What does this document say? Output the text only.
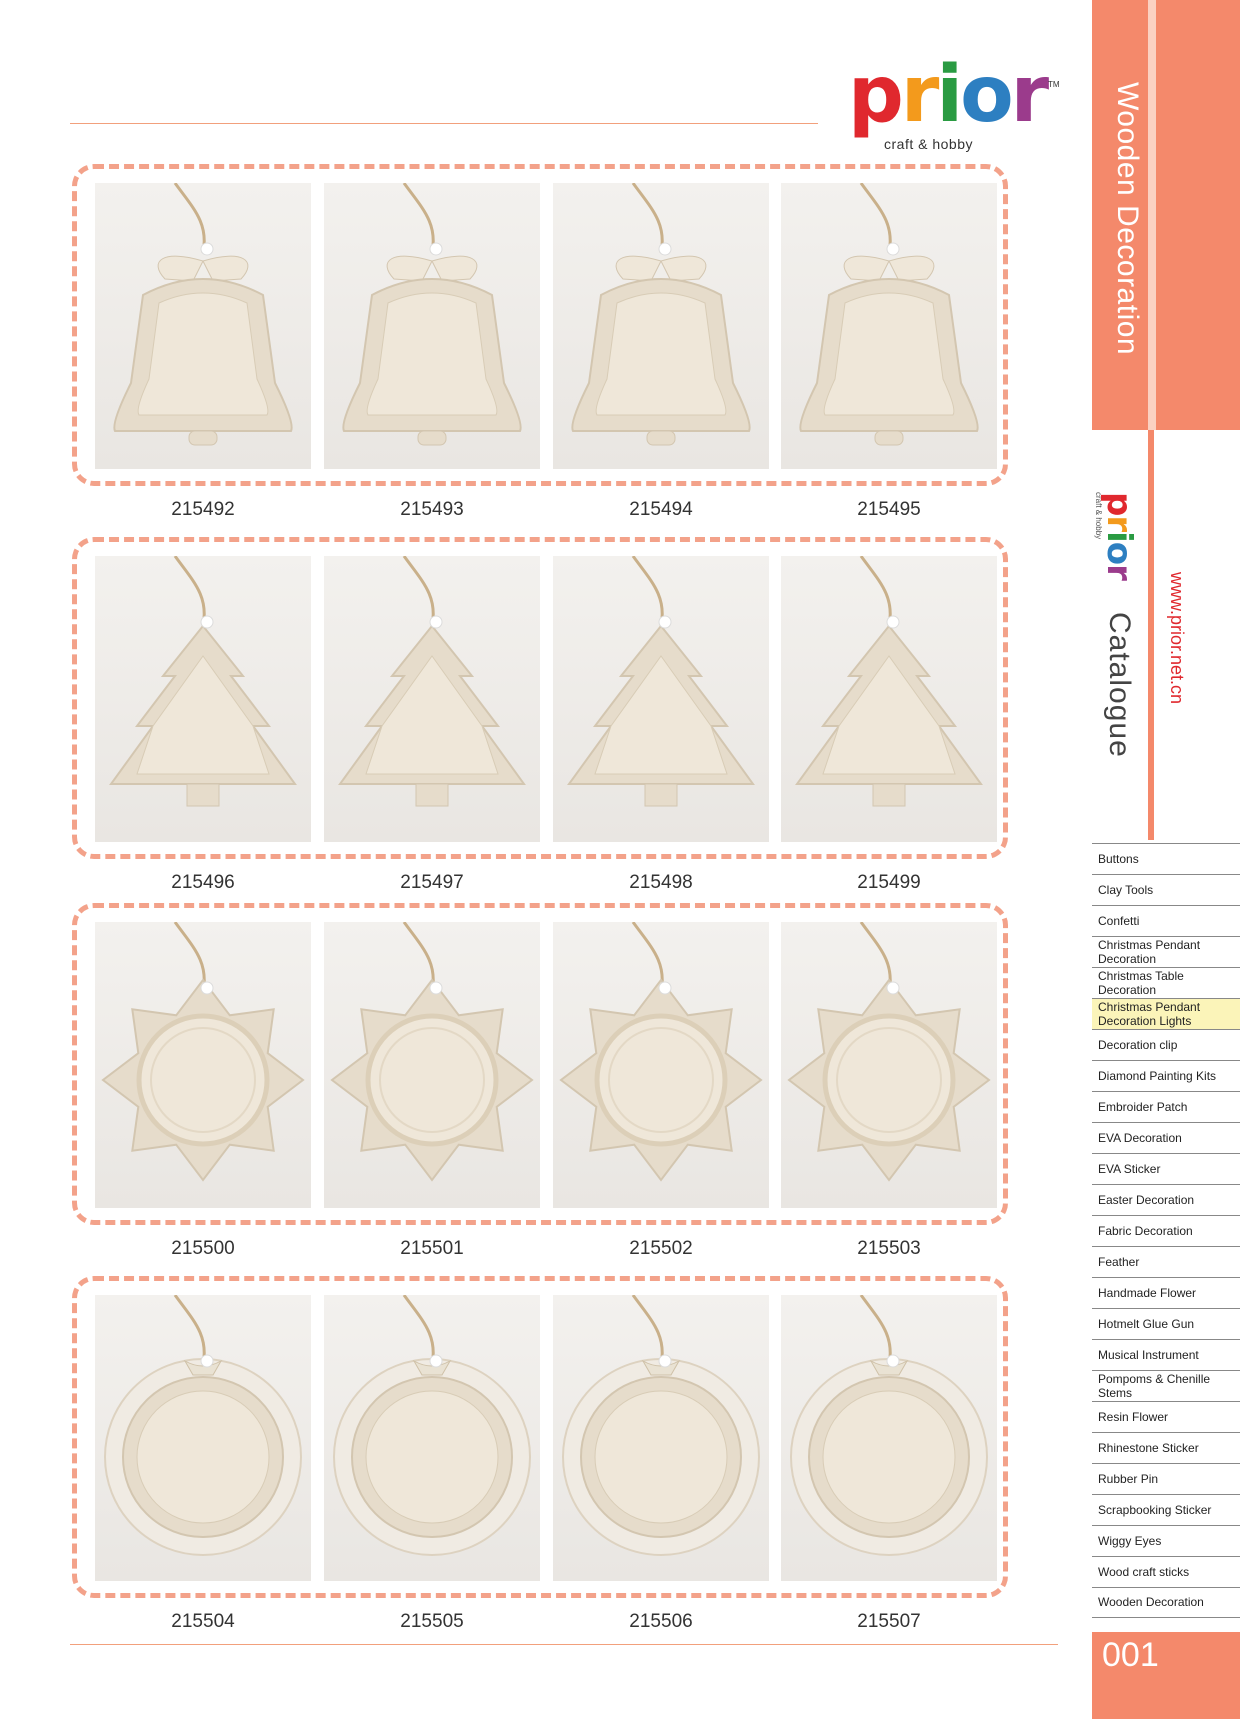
prior TM
craft & hobby
215492	215493	215494	215495
215496	215497	215498	215499
215500	215501	215502	215503
215504	215505	215506	215507
Wooden Decoration
prior
craft & hobby
Catalogue www.prior.net.cn
Buttons
Clay Tools
Confetti
Christmas Pendant Decoration
Christmas Table Decoration
Christmas Pendant Decoration Lights
Decoration clip
Diamond Painting Kits
Embroider Patch
EVA Decoration
EVA Sticker
Easter Decoration
Fabric Decoration
Feather
Handmade Flower
Hotmelt Glue Gun
Musical Instrument
Pompoms & Chenille Stems
Resin Flower
Rhinestone Sticker
Rubber Pin
Scrapbooking Sticker
Wiggy Eyes
Wood craft sticks
Wooden Decoration
001
